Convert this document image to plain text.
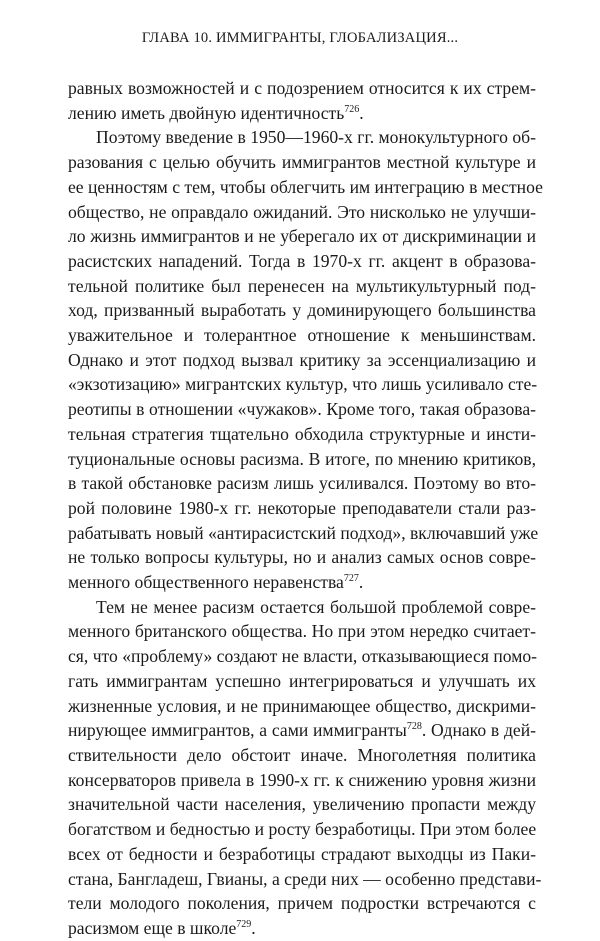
ГЛАВА 10. ИММИГРАНТЫ, ГЛОБАЛИЗАЦИЯ...
равных возможностей и с подозрением относится к их стрем-
лению иметь двойную идентичность$^{726}$.
Поэтому введение в 1950—1960-х гг. монокультурного об-
разования с целью обучить иммигрантов местной культуре и
ее ценностям с тем, чтобы облегчить им интеграцию в местное
общество, не оправдало ожиданий. Это нисколько не улучши-
ло жизнь иммигрантов и не уберегало их от дискриминации и
расистских нападений. Тогда в 1970-х гг. акцент в образова-
тельной политике был перенесен на мультикультурный под-
ход, призванный выработать у доминирующего большинства
уважительное и толерантное отношение к меньшинствам.
Однако и этот подход вызвал критику за эссенциализацию и
«экзотизацию» мигрантских культур, что лишь усиливало сте-
реотипы в отношении «чужаков». Кроме того, такая образова-
тельная стратегия тщательно обходила структурные и инсти-
туциональные основы расизма. В итоге, по мнению критиков,
в такой обстановке расизм лишь усиливался. Поэтому во вто-
рой половине 1980-х гг. некоторые преподаватели стали раз-
рабатывать новый «антирасистский подход», включавший уже
не только вопросы культуры, но и анализ самых основ совре-
менного общественного неравенства$^{727}$.
Тем не менее расизм остается большой проблемой совре-
менного британского общества. Но при этом нередко считает-
ся, что «проблему» создают не власти, отказывающиеся помо-
гать иммигрантам успешно интегрироваться и улучшать их
жизненные условия, и не принимающее общество, дискрими-
нирующее иммигрантов, а сами иммигранты$^{728}$. Однако в дей-
ствительности дело обстоит иначе. Многолетняя политика
консерваторов привела в 1990-х гг. к снижению уровня жизни
значительной части населения, увеличению пропасти между
богатством и бедностью и росту безработицы. При этом более
всех от бедности и безработицы страдают выходцы из Паки-
стана, Бангладеш, Гвианы, а среди них — особенно представи-
тели молодого поколения, причем подростки встречаются с
расизмом еще в школе$^{729}$.
